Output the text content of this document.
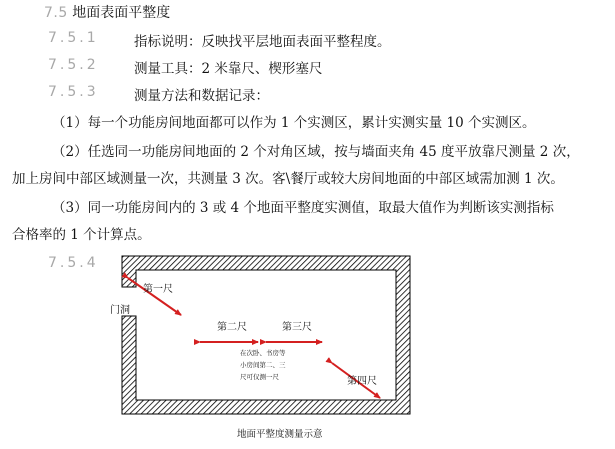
7.5 地面表面平整度
7.5.1	指标说明：反映找平层地面表面平整程度。
7.5.2	测量工具：2 米靠尺、楔形塞尺
7.5.3	测量方法和数据记录：
（1）每一个功能房间地面都可以作为 1 个实测区，累计实测实量 10 个实测区。
（2）任选同一功能房间地面的 2 个对角区域，按与墙面夹角 45 度平放靠尺测量 2 次，
加上房间中部区域测量一次，共测量 3 次。客\餐厅或较大房间地面的中部区域需加测 1 次。
（3）同一功能房间内的 3 或 4 个地面平整度实测值，取最大值作为判断该实测指标
合格率的 1 个计算点。
7.5.4
门洞
第一尺
第二尺	第三尺
第四尺
在次卧、书房等
小房间第二、三
尺可仅测一尺
地面平整度测量示意
